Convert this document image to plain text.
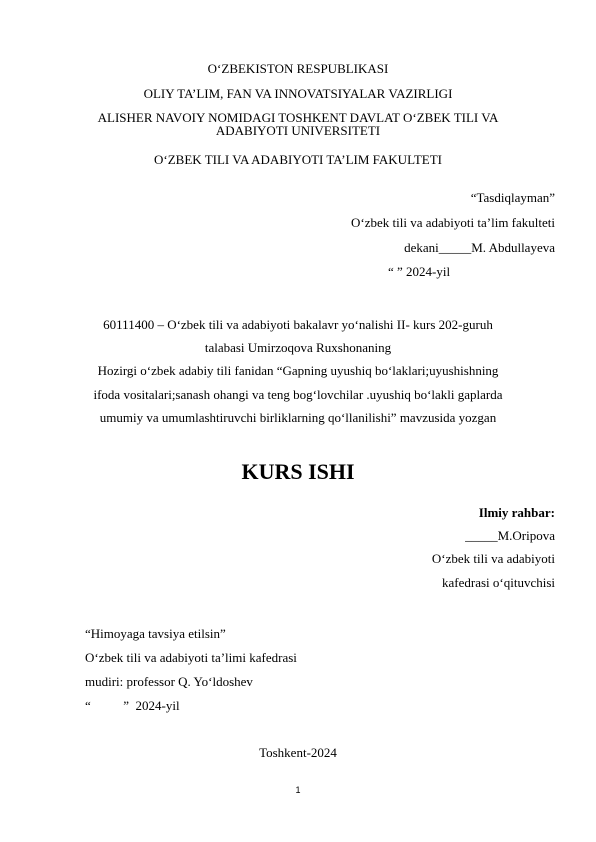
O‘ZBEKISTON RESPUBLIKASI
OLIY TA’LIM, FAN VA INNOVATSIYALAR VAZIRLIGI
ALISHER NAVOIY NOMIDAGI TOSHKENT DAVLAT O‘ZBEK TILI VA ADABIYOTI UNIVERSITETI
O‘ZBEK TILI VA ADABIYOTI TA’LIM FAKULTETI
“Tasdiqlayman”
O‘zbek tili va adabiyoti ta’lim fakulteti
dekani_____M. Abdullayeva
“ ” 2024-yil
60111400 – O‘zbek tili va adabiyoti bakalavr yo‘nalishi II- kurs 202-guruh
talabasi Umirzoqova Ruxshonaning
Hozirgi o‘zbek adabiy tili fanidan “Gapning uyushiq bo‘laklari;uyushishning
ifoda vositalari;sanash ohangi va teng bog‘lovchilar .uyushiq bo‘lakli gaplarda
umumiy va umumlashtiruvchi birliklarning qo‘llanilishi” mavzusida yozgan
KURS ISHI
Ilmiy rahbar:
_____M.Oripova
O‘zbek tili va adabiyoti
kafedrasi o‘qituvchisi
“Himoyaga tavsiya etilsin”
O‘zbek tili va adabiyoti ta’limi kafedrasi
mudiri: professor Q. Yo‘ldoshev
“          ”  2024-yil
Toshkent-2024
1
